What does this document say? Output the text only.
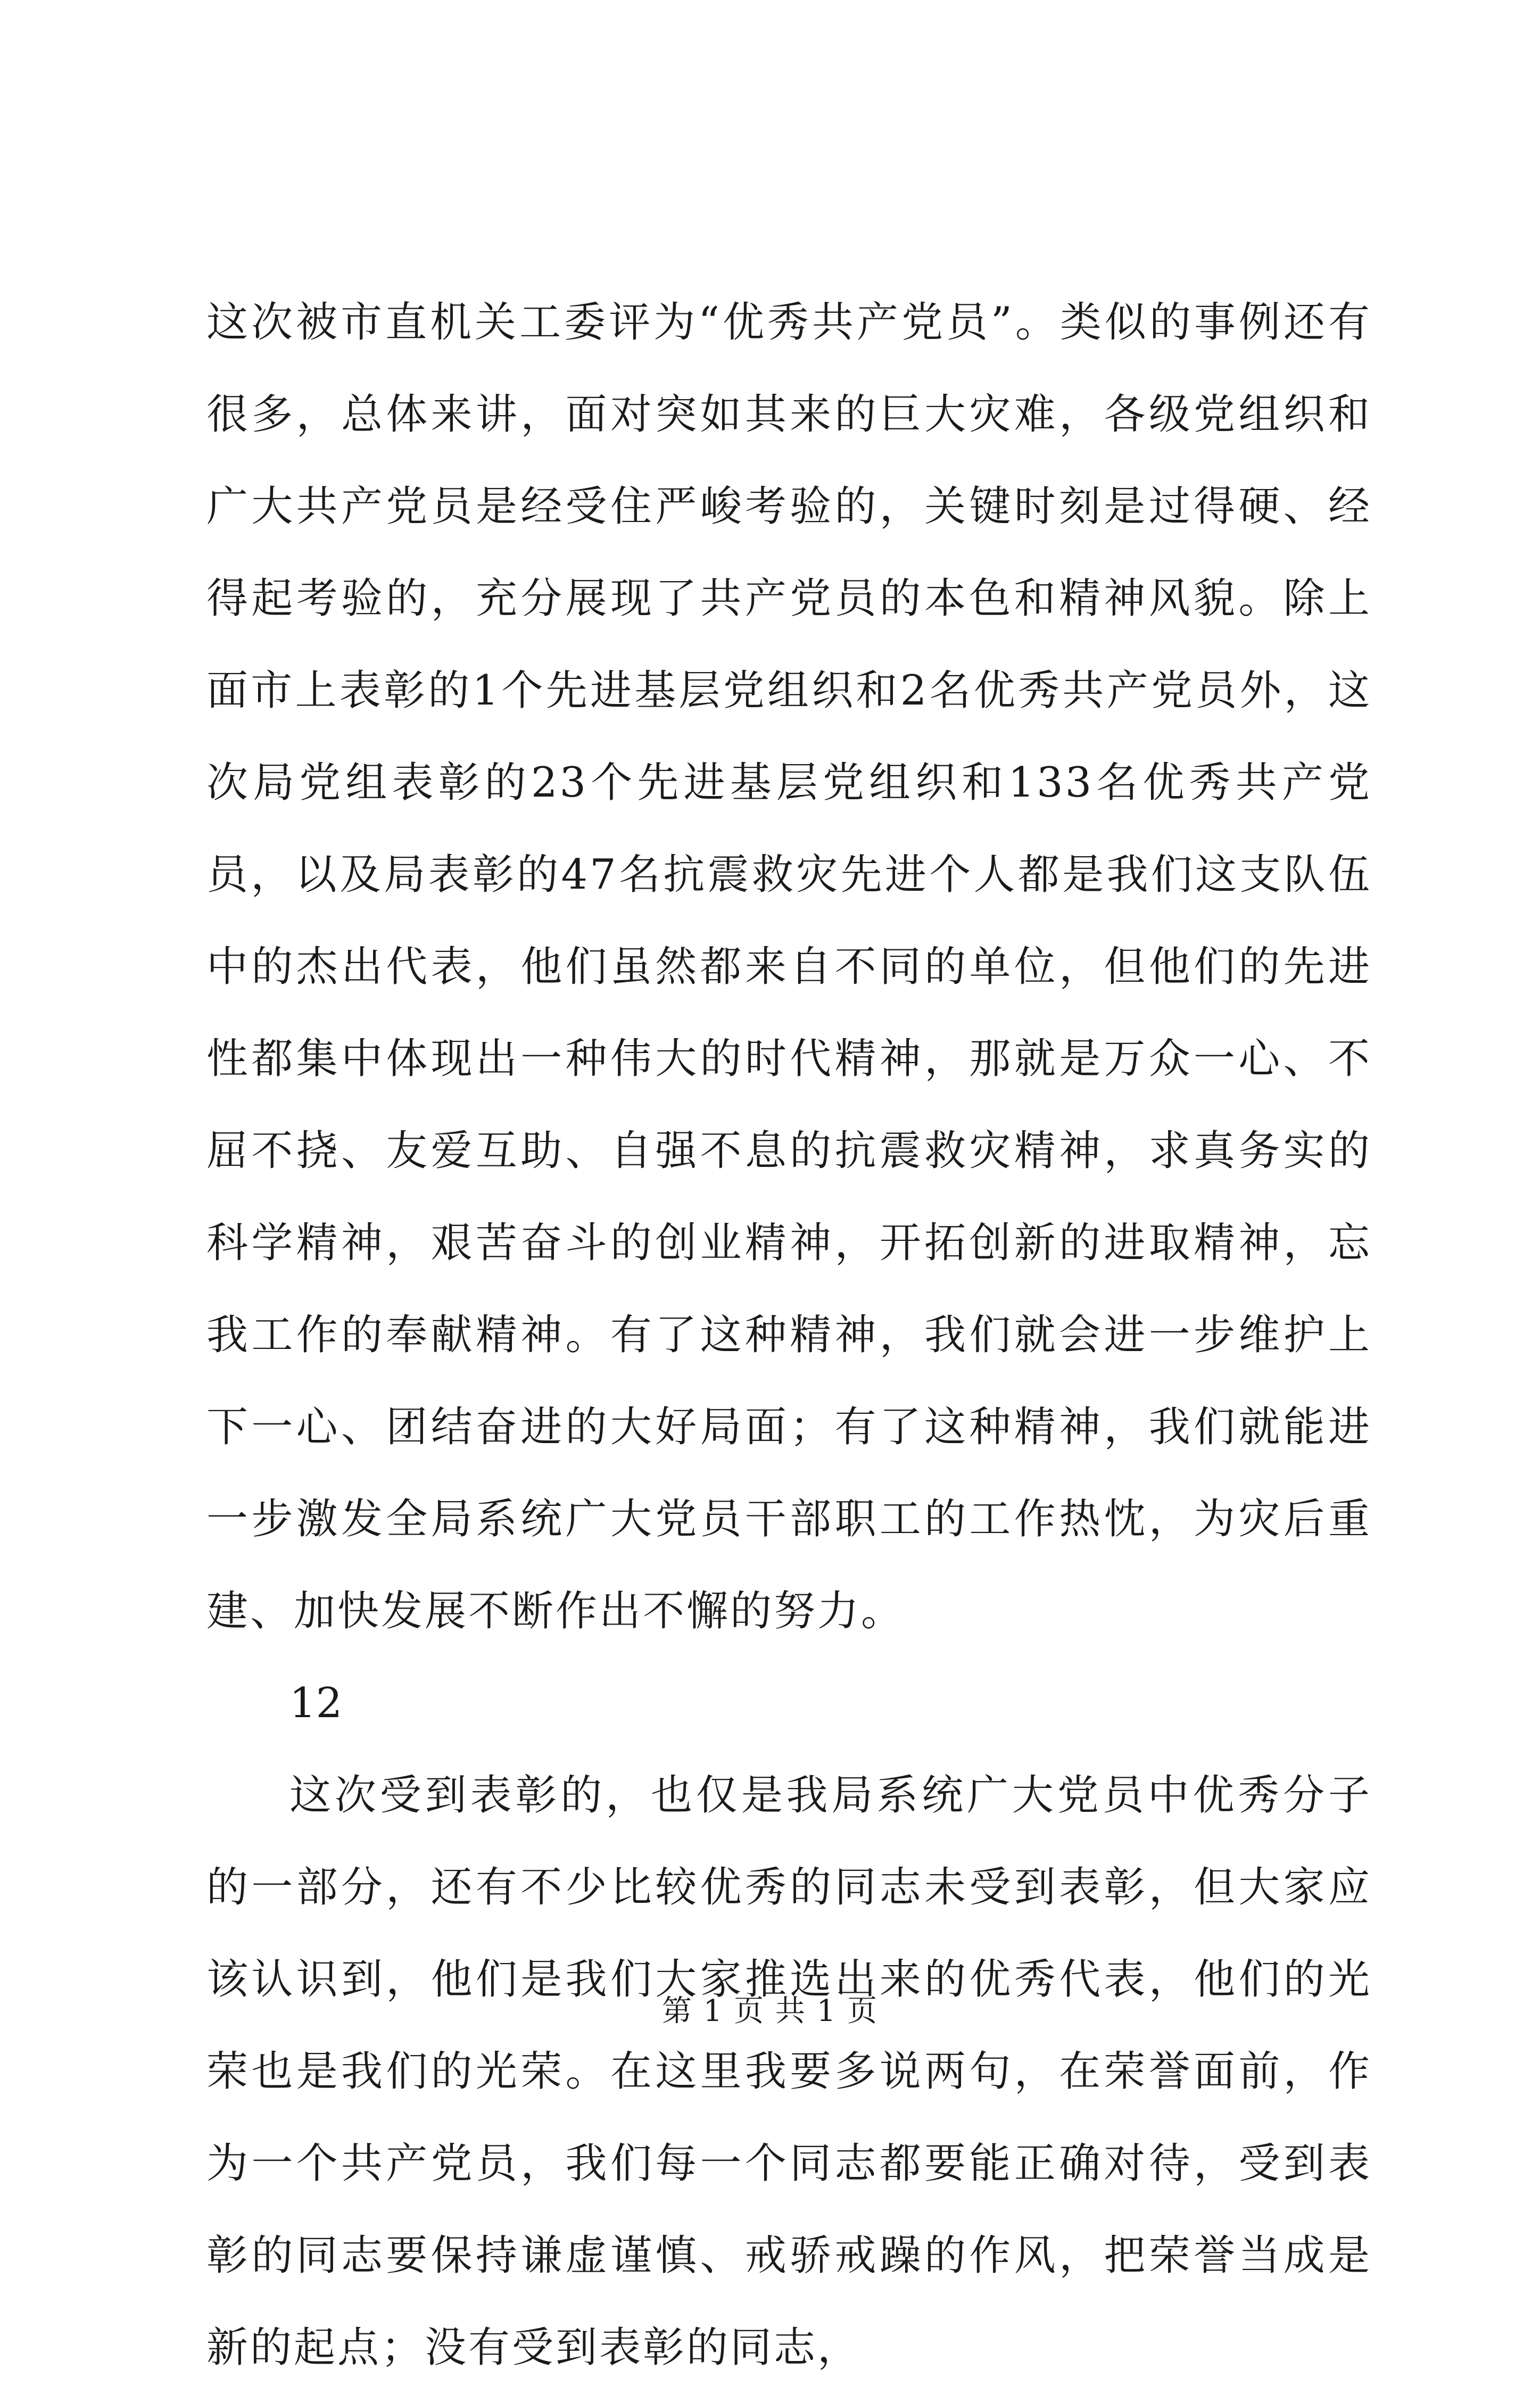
这次被市直机关工委评为“优秀共产党员”。类似的事例还有很多，总体来讲，面对突如其来的巨大灾难，各级党组织和广大共产党员是经受住严峻考验的，关键时刻是过得硬、经得起考验的，充分展现了共产党员的本色和精神风貌。除上面市上表彰的1个先进基层党组织和2名优秀共产党员外，这次局党组表彰的23个先进基层党组织和133名优秀共产党员，以及局表彰的47名抗震救灾先进个人都是我们这支队伍中的杰出代表，他们虽然都来自不同的单位，但他们的先进性都集中体现出一种伟大的时代精神，那就是万众一心、不屈不挠、友爱互助、自强不息的抗震救灾精神，求真务实的科学精神，艰苦奋斗的创业精神，开拓创新的进取精神，忘我工作的奉献精神。有了这种精神，我们就会进一步维护上下一心、团结奋进的大好局面；有了这种精神，我们就能进一步激发全局系统广大党员干部职工的工作热忱，为灾后重建、加快发展不断作出不懈的努力。

12

这次受到表彰的，也仅是我局系统广大党员中优秀分子的一部分，还有不少比较优秀的同志未受到表彰，但大家应该认识到，他们是我们大家推选出来的优秀代表，他们的光荣也是我们的光荣。在这里我要多说两句，在荣誉面前，作为一个共产党员，我们每一个同志都要能正确对待，受到表彰的同志要保持谦虚谨慎、戒骄戒躁的作风，把荣誉当成是新的起点；没有受到表彰的同志，

第 1 页 共 1 页
